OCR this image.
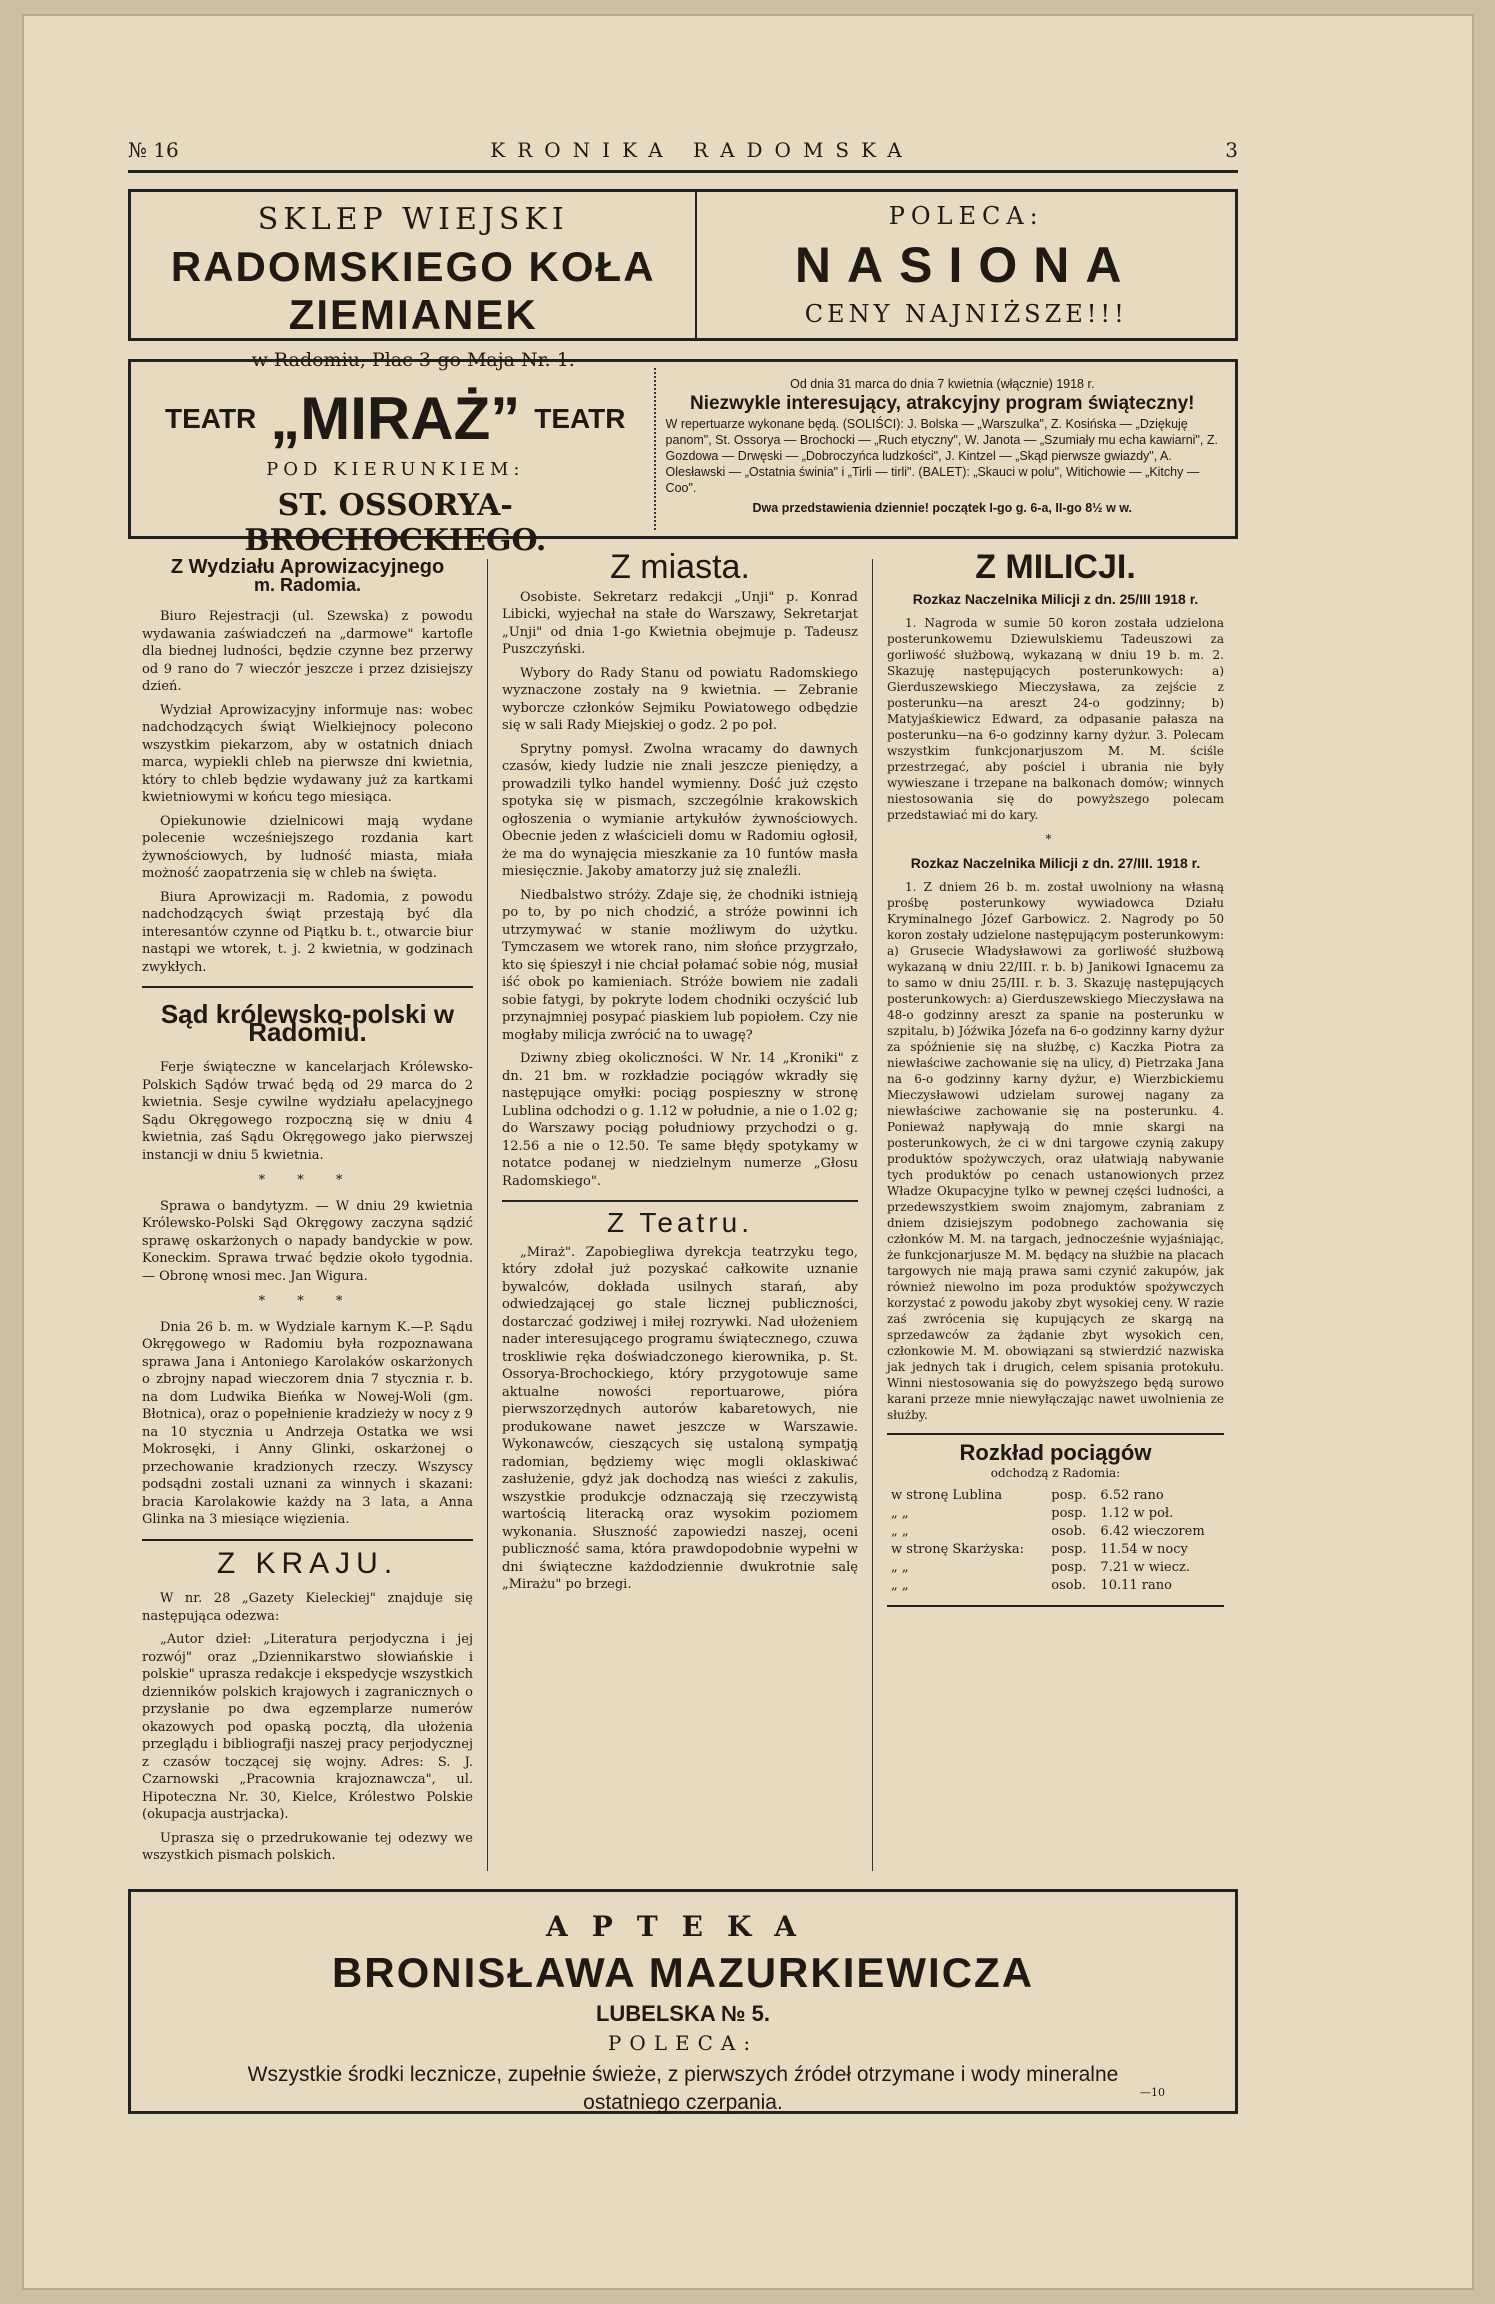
№ 16	KRONIKA RADOMSKA	3
SKLEP WIEJSKI
RADOMSKIEGO KOŁA ZIEMIANEK
w Radomiu, Plac 3-go Maja Nr. 1.
POLECA:
NASIONA
CENY NAJNIŻSZE!!!
TEATR „MIRAŻ” TEATR
POD KIERUNKIEM:
ST. OSSORYA-BROCHOCKIEGO.
Od dnia 31 marca do dnia 7 kwietnia (włącznie) 1918 r.
Niezwykle interesujący, atrakcyjny program świąteczny!
W repertuarze wykonane będą. (SOLIŚCI): J. Bolska — „Warszulka", Z. Kosińska — „Dziękuję panom", St. Ossorya — Brochocki — „Ruch etyczny", W. Janota — „Szumiały mu echa kawiarni", Z. Gozdowa — Drwęski — „Dobroczyńca ludzkości", J. Kintzel — „Skąd pierwsze gwiazdy", A. Olesławski — „Ostatnia świnia" i „Tirli — tirli". (BALET): „Skauci w polu", Witichowie — „Kitchy — Coo".
Dwa przedstawienia dziennie! początek I-go g. 6-a, II-go 8½ w w.
Z Wydziału Aprowizacyjnego
m. Radomia.

Biuro Rejestracji (ul. Szewska) z powodu wydawania zaświadczeń na „darmowe" kartofle dla biednej ludności, będzie czynne bez przerwy od 9 rano do 7 wieczór jeszcze i przez dzisiejszy dzień.

Wydział Aprowizacyjny informuje nas: wobec nadchodzących świąt Wielkiejnocy polecono wszystkim piekarzom, aby w ostatnich dniach marca, wypiekli chleb na pierwsze dni kwietnia, który to chleb będzie wydawany już za kartkami kwietniowymi w końcu tego miesiąca.

Opiekunowie dzielnicowi mają wydane polecenie wcześniejszego rozdania kart żywnościowych, by ludność miasta, miała możność zaopatrzenia się w chleb na święta.

Biura Aprowizacji m. Radomia, z powodu nadchodzących świąt przestają być dla interesantów czynne od Piątku b. t., otwarcie biur nastąpi we wtorek, t. j. 2 kwietnia, w godzinach zwykłych.

Sąd królewsko-polski w Radomiu.

Ferje świąteczne w kancelarjach Królewsko-Polskich Sądów trwać będą od 29 marca do 2 kwietnia. Sesje cywilne wydziału apelacyjnego Sądu Okręgowego rozpoczną się w dniu 4 kwietnia, zaś Sądu Okręgowego jako pierwszej instancji w dniu 5 kwietnia.

* * *

Sprawa o bandytyzm. — W dniu 29 kwietnia Królewsko-Polski Sąd Okręgowy zaczyna sądzić sprawę oskarżonych o napady bandyckie w pow. Koneckim. Sprawa trwać będzie około tygodnia. — Obronę wnosi mec. Jan Wigura.

* * *

Dnia 26 b. m. w Wydziale karnym K.—P. Sądu Okręgowego w Radomiu była rozpoznawana sprawa Jana i Antoniego Karolaków oskarżonych o zbrojny napad wieczorem dnia 7 stycznia r. b. na dom Ludwika Bieńka w Nowej-Woli (gm. Błotnica), oraz o popełnienie kradzieży w nocy z 9 na 10 stycznia u Andrzeja Ostatka we wsi Mokrosęki, i Anny Glinki, oskarżonej o przechowanie kradzionych rzeczy. Wszyscy podsądni zostali uznani za winnych i skazani: bracia Karolakowie każdy na 3 lata, a Anna Glinka na 3 miesiące więzienia.

Z KRAJU.

W nr. 28 „Gazety Kieleckiej" znajduje się następująca odezwa:

„Autor dzieł: „Literatura perjodyczna i jej rozwój" oraz „Dziennikarstwo słowiańskie i polskie" uprasza redakcje i ekspedycje wszystkich dzienników polskich krajowych i zagranicznych o przysłanie po dwa egzemplarze numerów okazowych pod opaską pocztą, dla ułożenia przeglądu i bibliografji naszej pracy perjodycznej z czasów toczącej się wojny. Adres: S. J. Czarnowski „Pracownia krajoznawcza", ul. Hipoteczna Nr. 30, Kielce, Królestwo Polskie (okupacja austrjacka).

Uprasza się o przedrukowanie tej odezwy we wszystkich pismach polskich.

Z miasta.

Osobiste. Sekretarz redakcji „Unji" p. Konrad Libicki, wyjechał na stałe do Warszawy, Sekretarjat „Unji" od dnia 1-go Kwietnia obejmuje p. Tadeusz Puszczyński.

Wybory do Rady Stanu od powiatu Radomskiego wyznaczone zostały na 9 kwietnia. — Zebranie wyborcze członków Sejmiku Powiatowego odbędzie się w sali Rady Miejskiej o godz. 2 po poł.

Sprytny pomysł. Zwolna wracamy do dawnych czasów, kiedy ludzie nie znali jeszcze pieniędzy, a prowadzili tylko handel wymienny. Dość już często spotyka się w pismach, szczególnie krakowskich ogłoszenia o wymianie artykułów żywnościowych. Obecnie jeden z właścicieli domu w Radomiu ogłosił, że ma do wynajęcia mieszkanie za 10 funtów masła miesięcznie. Jakoby amatorzy już się znaleźli.

Niedbalstwo stróży. Zdaje się, że chodniki istnieją po to, by po nich chodzić, a stróże powinni ich utrzymywać w stanie możliwym do użytku. Tymczasem we wtorek rano, nim słońce przygrzało, kto się śpieszył i nie chciał połamać sobie nóg, musiał iść obok po kamieniach. Stróże bowiem nie zadali sobie fatygi, by pokryte lodem chodniki oczyścić lub przynajmniej posypać piaskiem lub popiołem. Czy nie mogłaby milicja zwrócić na to uwagę?

Dziwny zbieg okoliczności. W Nr. 14 „Kroniki" z dn. 21 bm. w rozkładzie pociągów wkradły się następujące omyłki: pociąg pospieszny w stronę Lublina odchodzi o g. 1.12 w południe, a nie o 1.02 g; do Warszawy pociąg południowy przychodzi o g. 12.56 a nie o 12.50. Te same błędy spotykamy w notatce podanej w niedzielnym numerze „Głosu Radomskiego".

Z Teatru.

„Miraż". Zapobiegliwa dyrekcja teatrzyku tego, który zdołał już pozyskać całkowite uznanie bywalców, dokłada usilnych starań, aby odwiedzającej go stale licznej publiczności, dostarczać godziwej i miłej rozrywki. Nad ułożeniem nader interesującego programu świątecznego, czuwa troskliwie ręka doświadczonego kierownika, p. St. Ossorya-Brochockiego, który przygotowuje same aktualne nowości reportuarowe, pióra pierwszorzędnych autorów kabaretowych, nie produkowane nawet jeszcze w Warszawie. Wykonawców, cieszących się ustaloną sympatją radomian, będziemy więc mogli oklaskiwać zasłużenie, gdyż jak dochodzą nas wieści z zakulis, wszystkie produkcje odznaczają się rzeczywistą wartością literacką oraz wysokim poziomem wykonania. Słuszność zapowiedzi naszej, oceni publiczność sama, która prawdopodobnie wypełni w dni świąteczne każdodziennie dwukrotnie salę „Mirażu" po brzegi.

Z MILICJI.
Rozkaz Naczelnika Milicji z dn. 25/III 1918 r.

1. Nagroda w sumie 50 koron została udzielona posterunkowemu Dziewulskiemu Tadeuszowi za gorliwość służbową, wykazaną w dniu 19 b. m. 2. Skazuję następujących posterunkowych: a) Gierduszewskiego Mieczysława, za zejście z posterunku—na areszt 24-o godzinny; b) Matyjaśkiewicz Edward, za odpasanie pałasza na posterunku—na 6-o godzinny karny dyżur. 3. Polecam wszystkim funkcjonarjuszom M. M. ściśle przestrzegać, aby pościel i ubrania nie były wywieszane i trzepane na balkonach domów; winnych niestosowania się do powyższego polecam przedstawiać mi do kary.

*
Rozkaz Naczelnika Milicji z dn. 27/III. 1918 r.

1. Z dniem 26 b. m. został uwolniony na własną prośbę posterunkowy wywiadowca Działu Kryminalnego Józef Garbowicz. 2. Nagrody po 50 koron zostały udzielone następującym posterunkowym: a) Grusecie Władysławowi za gorliwość służbową wykazaną w dniu 22/III. r. b. b) Janikowi Ignacemu za to samo w dniu 25/III. r. b. 3. Skazuję następujących posterunkowych: a) Gierduszewskiego Mieczysława na 48-o godzinny areszt za spanie na posterunku w szpitalu, b) Jóźwika Józefa na 6-o godzinny karny dyżur za spóźnienie się na służbę, c) Kaczka Piotra za niewłaściwe zachowanie się na ulicy, d) Pietrzaka Jana na 6-o godzinny karny dyżur, e) Wierzbickiemu Mieczysławowi udzielam surowej nagany za niewłaściwe zachowanie się na posterunku. 4. Ponieważ napływają do mnie skargi na posterunkowych, że ci w dni targowe czynią zakupy produktów spożywczych, oraz ułatwiają nabywanie tych produktów po cenach ustanowionych przez Władze Okupacyjne tylko w pewnej części ludności, a przedewszystkiem swoim znajomym, zabraniam z dniem dzisiejszym podobnego zachowania się członków M. M. na targach, jednocześnie wyjaśniając, że funkcjonarjusze M. M. będący na służbie na placach targowych nie mają prawa sami czynić zakupów, jak również niewolno im poza produktów spożywczych korzystać z powodu jakoby zbyt wysokiej ceny. W razie zaś zwrócenia się kupujących ze skargą na sprzedawców za żądanie zbyt wysokich cen, członkowie M. M. obowiązani są stwierdzić nazwiska jak jednych tak i drugich, celem spisania protokułu. Winni niestosowania się do powyższego będą surowo karani przeze mnie niewyłączając nawet uwolnienia ze służby.

Rozkład pociągów
odchodzą z Radomia:
w stronę Lublina	posp.	6.52 rano
„ „	posp.	1.12 w poł.
„ „	osob.	6.42 wieczorem
w stronę Skarżyska:	posp.	11.54 w nocy
„ „	posp.	7.21 w wiecz.
„ „	osob.	10.11 rano
APTEKA
BRONISŁAWA MAZURKIEWICZA
LUBELSKA № 5.
POLECA:
Wszystkie środki lecznicze, zupełnie świeże, z pierwszych źródeł otrzymane i wody mineralne ostatniego czerpania.	—10
